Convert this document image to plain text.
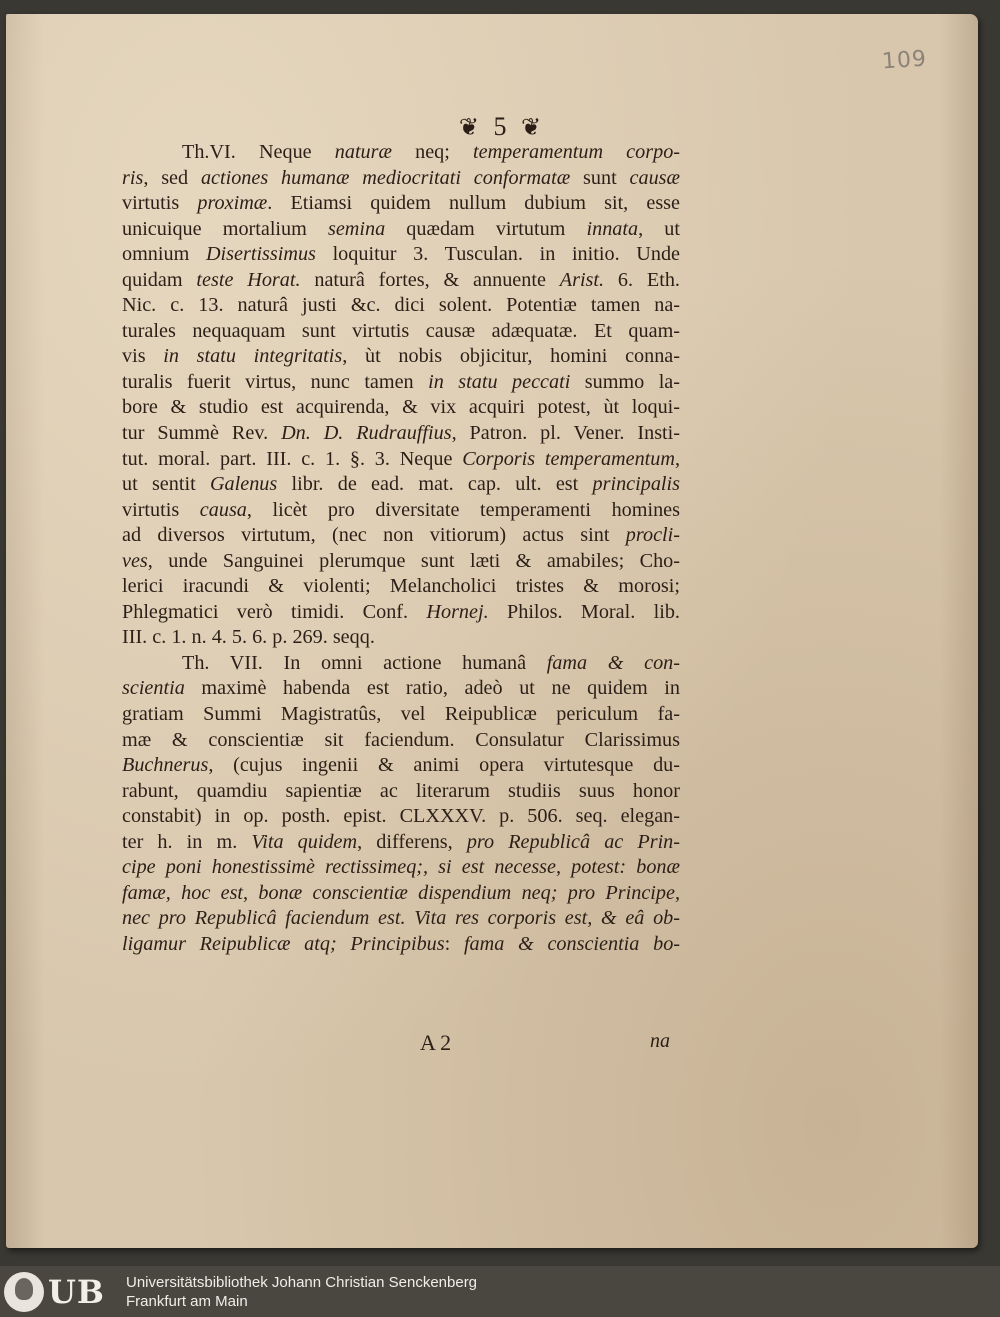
109
❦ 5 ❦
Th.VI. Neque naturæ neq; temperamentum corpo-
ris, sed actiones humanæ mediocritati conformatæ sunt causæ
virtutis proximæ. Etiamsi quidem nullum dubium sit, esse
unicuique mortalium semina quædam virtutum innata, ut
omnium Disertissimus loquitur 3. Tusculan. in initio. Unde
quidam teste Horat. naturâ fortes, & annuente Arist. 6. Eth.
Nic. c. 13. naturâ justi &c. dici solent. Potentiæ tamen na-
turales nequaquam sunt virtutis causæ adæquatæ. Et quam-
vis in statu integritatis, ùt nobis objicitur, homini conna-
turalis fuerit virtus, nunc tamen in statu peccati summo la-
bore & studio est acquirenda, & vix acquiri potest, ùt loqui-
tur Summè Rev. Dn. D. Rudrauffius, Patron. pl. Vener. Insti-
tut. moral. part. III. c. 1. §. 3. Neque Corporis temperamentum,
ut sentit Galenus libr. de ead. mat. cap. ult. est principalis
virtutis causa, licèt pro diversitate temperamenti homines
ad diversos virtutum, (nec non vitiorum) actus sint procli-
ves, unde Sanguinei plerumque sunt læti & amabiles; Cho-
lerici iracundi & violenti; Melancholici tristes & morosi;
Phlegmatici verò timidi. Conf. Hornej. Philos. Moral. lib.
III. c. 1. n. 4. 5. 6. p. 269. seqq.
Th. VII. In omni actione humanâ fama & con-
scientia maximè habenda est ratio, adeò ut ne quidem in
gratiam Summi Magistratûs, vel Reipublicæ periculum fa-
mæ & conscientiæ sit faciendum. Consulatur Clarissimus
Buchnerus, (cujus ingenii & animi opera virtutesque du-
rabunt, quamdiu sapientiæ ac literarum studiis suus honor
constabit) in op. posth. epist. CLXXXV. p. 506. seq. elegan-
ter h. in m. Vita quidem, differens, pro Republicâ ac Prin-
cipe poni honestissimè rectissimeq;, si est necesse, potest: bonæ
famæ, hoc est, bonæ conscientiæ dispendium neq; pro Principe,
nec pro Republicâ faciendum est. Vita res corporis est, & eâ ob-
ligamur Reipublicæ atq; Principibus: fama & conscientia bo-
A 2	na
UB Universitätsbibliothek Johann Christian Senckenberg
Frankfurt am Main
